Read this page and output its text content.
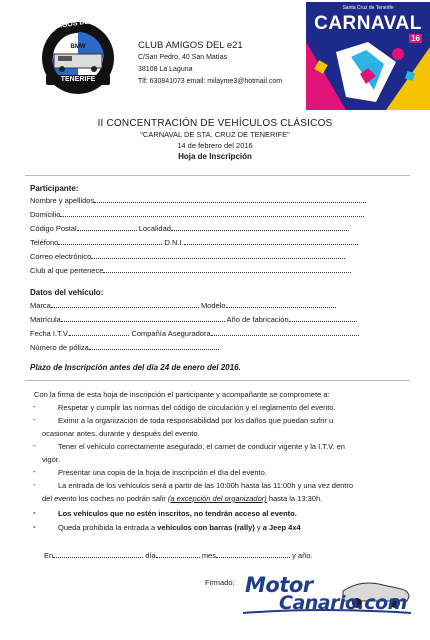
AMIGOS DEL e21
BMW
TENERIFE
CLUB AMIGOS DEL e21
C/San Pedro, 40 San Matías
38108 La Laguna
Tlf: 630841073 email: milayme3@hotmail.com
Santa Cruz de Tenerife
CARNAVAL
16
II CONCENTRACIÓN DE VEHÍCULOS CLÁSICOS
"CARNAVAL DE STA. CRUZ DE TENERIFE"
14 de febrero del 2016
Hoja de Inscripción
Participante:
Nombre y apellidos
Domicilio
Código Postal	Localidad
Teléfono	D.N.I.
Correo electrónico
Club al que pertenece
Datos del vehículo:
Marca	Modelo
Matrícula	Año de fabricación
Fecha I.T.V.	Compañía Aseguradora
Número de póliza
Plazo de Inscripción antes del día 24 de enero del 2016.
Con la firma de esta hoja de inscripción el participante y acompañante se compromete a:
-	Respetar y cumplir las normas del código de circulación y el reglamento del evento.
-	Eximir a la organización de toda responsabilidad por los daños que puedan sufrir u
ocasionar antes, durante y después del evento.
-	Tener el vehículo correctamente asegurado, el carnet de conducir vigente y la I.T.V. en
vigor.
-	Presentar una copia de la hoja de inscripción el día del evento.
-	La entrada de los vehículos será a partir de las 10:00h hasta las 11:00h y una vez dentro
del evento los coches no podrán salir (a excepción del organizador) hasta la 13:30h.
-	Los vehículos que no estén inscritos, no tendrán acceso al evento.
-	Queda prohibida la entrada a vehículos con barras (rally) y a Jeep 4x4
En	día	mes	y año.
Firmado: Motor
Canario.com
